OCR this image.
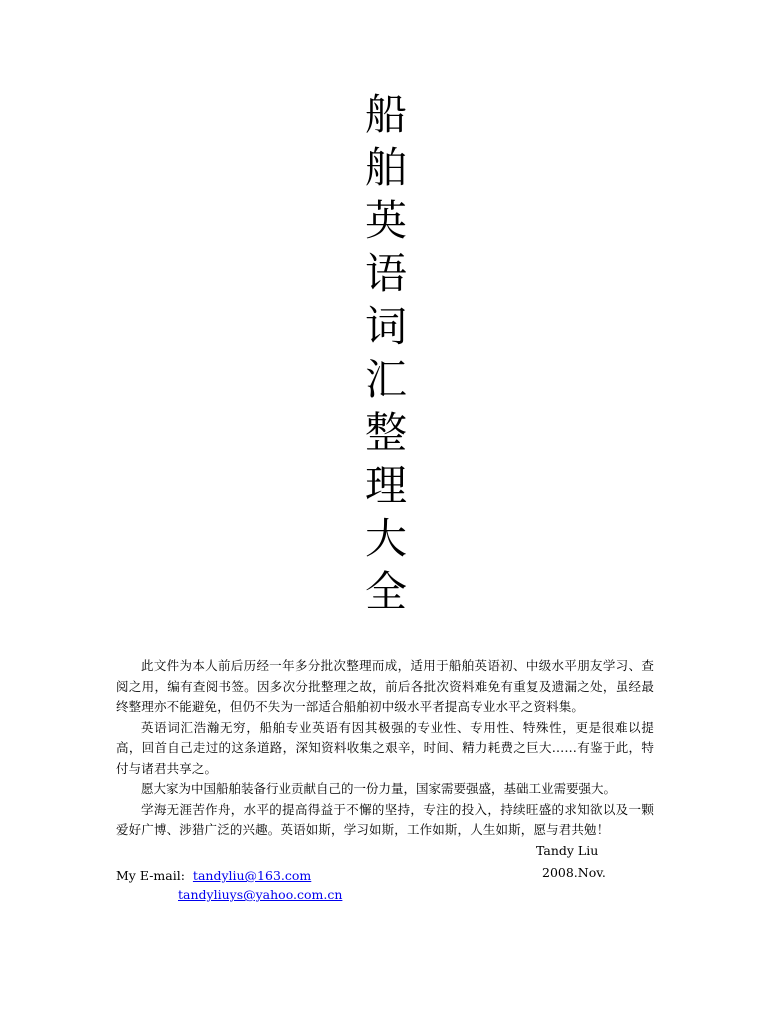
船
舶
英
语
词
汇
整
理
大
全

此文件为本人前后历经一年多分批次整理而成，适用于船舶英语初、中级水平朋友学习、查阅之用，编有查阅书签。因多次分批整理之故，前后各批次资料难免有重复及遗漏之处，虽经最终整理亦不能避免，但仍不失为一部适合船舶初中级水平者提高专业水平之资料集。

英语词汇浩瀚无穷，船舶专业英语有因其极强的专业性、专用性、特殊性，更是很难以提高，回首自己走过的这条道路，深知资料收集之艰辛，时间、精力耗费之巨大……有鉴于此，特付与诸君共享之。

愿大家为中国船舶装备行业贡献自己的一份力量，国家需要强盛，基础工业需要强大。

学海无涯苦作舟，水平的提高得益于不懈的坚持，专注的投入，持续旺盛的求知欲以及一颗爱好广博、涉猎广泛的兴趣。英语如斯，学习如斯，工作如斯，人生如斯，愿与君共勉！

Tandy Liu
2008.Nov.
My E-mail: tandyliu@163.com
tandyliuys@yahoo.com.cn
